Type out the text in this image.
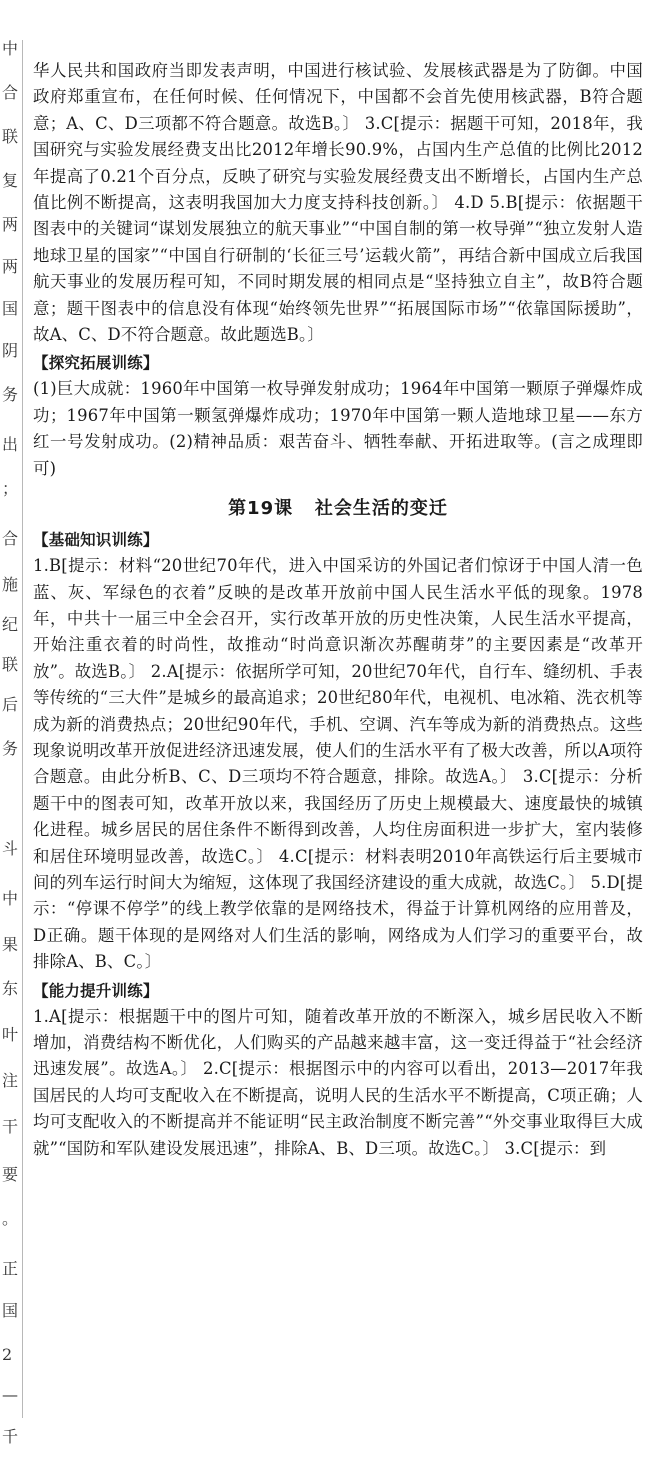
中
合
联
复
两
两
国
阴
务
出
；
合
施
纪
联
后
务
斗
中
果
东
叶
注
干
要
。
正
国
2
—
千

华人民共和国政府当即发表声明，中国进行核试验、发展核武器是为了防御。中国政府郑重宣布，在任何时候、任何情况下，中国都不会首先使用核武器，B符合题意；A、C、D三项都不符合题意。故选B。〕 3.C[提示：据题干可知，2018年，我国研究与实验发展经费支出比2012年增长90.9%，占国内生产总值的比例比2012年提高了0.21个百分点，反映了研究与实验发展经费支出不断增长，占国内生产总值比例不断提高，这表明我国加大力度支持科技创新。〕 4.D 5.B[提示：依据题干图表中的关键词“谋划发展独立的航天事业”“中国自制的第一枚导弹”“独立发射人造地球卫星的国家”“中国自行研制的‘长征三号’运载火箭”，再结合新中国成立后我国航天事业的发展历程可知，不同时期发展的相同点是“坚持独立自主”，故B符合题意；题干图表中的信息没有体现“始终领先世界”“拓展国际市场”“依靠国际援助”，故A、C、D不符合题意。故此题选B。〕

【探究拓展训练】

(1)巨大成就：1960年中国第一枚导弹发射成功；1964年中国第一颗原子弹爆炸成功；1967年中国第一颗氢弹爆炸成功；1970年中国第一颗人造地球卫星——东方红一号发射成功。(2)精神品质：艰苦奋斗、牺牲奉献、开拓进取等。(言之成理即可)

第19课   社会生活的变迁
【基础知识训练】

1.B[提示：材料“20世纪70年代，进入中国采访的外国记者们惊讶于中国人清一色蓝、灰、军绿色的衣着”反映的是改革开放前中国人民生活水平低的现象。1978年，中共十一届三中全会召开，实行改革开放的历史性决策，人民生活水平提高，开始注重衣着的时尚性，故推动“时尚意识渐次苏醒萌芽”的主要因素是“改革开放”。故选B。〕 2.A[提示：依据所学可知，20世纪70年代，自行车、缝纫机、手表等传统的“三大件”是城乡的最高追求；20世纪80年代，电视机、电冰箱、洗衣机等成为新的消费热点；20世纪90年代，手机、空调、汽车等成为新的消费热点。这些现象说明改革开放促进经济迅速发展，使人们的生活水平有了极大改善，所以A项符合题意。由此分析B、C、D三项均不符合题意，排除。故选A。〕 3.C[提示：分析题干中的图表可知，改革开放以来，我国经历了历史上规模最大、速度最快的城镇化进程。城乡居民的居住条件不断得到改善，人均住房面积进一步扩大，室内装修和居住环境明显改善，故选C。〕 4.C[提示：材料表明2010年高铁运行后主要城市间的列车运行时间大为缩短，这体现了我国经济建设的重大成就，故选C。〕 5.D[提示：“停课不停学”的线上教学依靠的是网络技术，得益于计算机网络的应用普及，D正确。题干体现的是网络对人们生活的影响，网络成为人们学习的重要平台，故排除A、B、C。〕

【能力提升训练】

1.A[提示：根据题干中的图片可知，随着改革开放的不断深入，城乡居民收入不断增加，消费结构不断优化，人们购买的产品越来越丰富，这一变迁得益于“社会经济迅速发展”。故选A。〕 2.C[提示：根据图示中的内容可以看出，2013—2017年我国居民的人均可支配收入在不断提高，说明人民的生活水平不断提高，C项正确；人均可支配收入的不断提高并不能证明“民主政治制度不断完善”“外交事业取得巨大成就”“国防和军队建设发展迅速”，排除A、B、D三项。故选C。〕 3.C[提示：到
